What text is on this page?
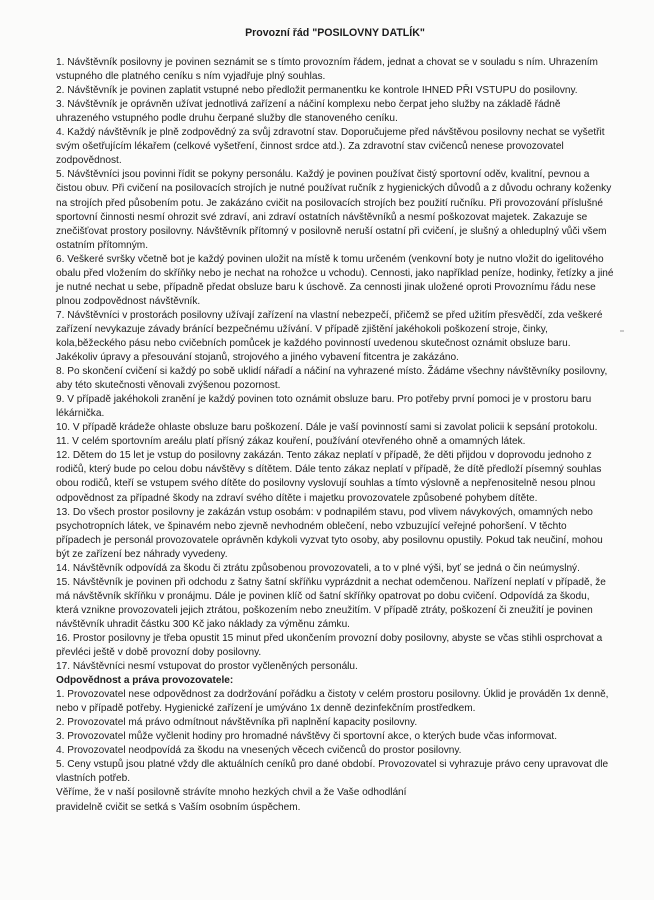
Provozní řád "POSILOVNY DATLÍK"

1. Návštěvník posilovny je povinen seznámit se s tímto provozním řádem, jednat a chovat se v souladu s ním. Uhrazením vstupného dle platného ceníku s ním vyjadřuje plný souhlas.

2. Návštěvník je povinen zaplatit vstupné nebo předložit permanentku ke kontrole IHNED PŘI VSTUPU do posilovny.

3. Návštěvník je oprávněn užívat jednotlivá zařízení a náčiní komplexu nebo čerpat jeho služby na základě řádně uhrazeného vstupného podle druhu čerpané služby dle stanoveného ceníku.

4. Každý návštěvník je plně zodpovědný za svůj zdravotní stav. Doporučujeme před návštěvou posilovny nechat se vyšetřit svým ošetřujícím lékařem (celkové vyšetření, činnost srdce atd.). Za zdravotní stav cvičenců nenese provozovatel zodpovědnost.

5. Návštěvníci jsou povinni řídit se pokyny personálu. Každý je povinen používat čistý sportovní oděv, kvalitní, pevnou a čistou obuv. Při cvičení na posilovacích strojích je nutné používat ručník z hygienických důvodů a z důvodu ochrany koženky na strojích před působením potu. Je zakázáno cvičit na posilovacích strojích bez použití ručníku. Při provozování příslušné sportovní činnosti nesmí ohrozit své zdraví, ani zdraví ostatních návštěvníků a nesmí poškozovat majetek. Zakazuje se znečišťovat prostory posilovny. Návštěvník přítomný v posilovně neruší ostatní při cvičení, je slušný a ohleduplný vůči všem ostatním přítomným.

6. Veškeré svršky včetně bot je každý povinen uložit na místě k tomu určeném (venkovní boty je nutno vložit do igelitového obalu před vložením do skříňky nebo je nechat na rohožce u vchodu). Cennosti, jako například peníze, hodinky, řetízky a jiné je nutné nechat u sebe, případně předat obsluze baru k úschově. Za cennosti jinak uložené oproti Provoznímu řádu nese plnou zodpovědnost návštěvník.

7. Návštěvníci v prostorách posilovny užívají zařízení na vlastní nebezpečí, přičemž se před užitím přesvědčí, zda veškeré zařízení nevykazuje závady bránící bezpečnému užívání. V případě zjištění jakéhokoli poškození stroje, činky, kola,běžeckého pásu nebo cvičebních pomůcek je každého povinností uvedenou skutečnost oznámit obsluze baru. Jakékoliv úpravy a přesouvání stojanů, strojového a jiného vybavení fitcentra je zakázáno.

8. Po skončení cvičení si každý po sobě uklidí nářadí a náčiní na vyhrazené místo. Žádáme všechny návštěvníky posilovny, aby této skutečnosti věnovali zvýšenou pozornost.

9. V případě jakéhokoli zranění je každý povinen toto oznámit obsluze baru. Pro potřeby první pomoci je v prostoru baru lékárnička.

10. V případě krádeže ohlaste obsluze baru poškození. Dále je vaší povinností sami si zavolat policii k sepsání protokolu.

11. V celém sportovním areálu platí přísný zákaz kouření, používání otevřeného ohně a omamných látek.

12. Dětem do 15 let je vstup do posilovny zakázán. Tento zákaz neplatí v případě, že děti přijdou v doprovodu jednoho z rodičů, který bude po celou dobu návštěvy s dítětem. Dále tento zákaz neplatí v případě, že dítě předloží písemný souhlas obou rodičů, kteří se vstupem svého dítěte do posilovny vyslovují souhlas a tímto výslovně a nepřenositelně nesou plnou odpovědnost za případné škody na zdraví svého dítěte i majetku provozovatele způsobené pohybem dítěte.

13. Do všech prostor posilovny je zakázán vstup osobám: v podnapilém stavu, pod vlivem návykových, omamných nebo psychotropních látek, ve špinavém nebo zjevně nevhodném oblečení, nebo vzbuzující veřejné pohoršení. V těchto případech je personál provozovatele oprávněn kdykoli vyzvat tyto osoby, aby posilovnu opustily. Pokud tak neučiní, mohou být ze zařízení bez náhrady vyvedeny.

14. Návštěvník odpovídá za škodu či ztrátu způsobenou provozovateli, a to v plné výši, byť se jedná o čin neúmyslný.

15. Návštěvník je povinen při odchodu z šatny šatní skříňku vyprázdnit a nechat odemčenou. Nařízení neplatí v případě, že má návštěvník skříňku v pronájmu. Dále je povinen klíč od šatní skříňky opatrovat po dobu cvičení. Odpovídá za škodu, která vznikne provozovateli jejich ztrátou, poškozením nebo zneužitím. V případě ztráty, poškození či zneužití je povinen návštěvník uhradit částku 300 Kč jako náklady za výměnu zámku.

16. Prostor posilovny je třeba opustit 15 minut před ukončením provozní doby posilovny, abyste se včas stihli osprchovat a převléci ještě v době provozní doby posilovny.

17. Návštěvníci nesmí vstupovat do prostor vyčleněných personálu.

Odpovědnost a práva provozovatele:

1. Provozovatel nese odpovědnost za dodržování pořádku a čistoty v celém prostoru posilovny. Úklid je prováděn 1x denně, nebo v případě potřeby. Hygienické zařízení je umýváno 1x denně dezinfekčním prostředkem.

2. Provozovatel má právo odmítnout návštěvníka při naplnění kapacity posilovny.

3. Provozovatel může vyčlenit hodiny pro hromadné návštěvy či sportovní akce, o kterých bude včas informovat.

4. Provozovatel neodpovídá za škodu na vnesených věcech cvičenců do prostor posilovny.

5. Ceny vstupů jsou platné vždy dle aktuálních ceníků pro dané období. Provozovatel si vyhrazuje právo ceny upravovat dle vlastních potřeb.

Věříme, že v naší posilovně strávíte mnoho hezkých chvil a že Vaše odhodlání

pravidelně cvičit se setká s Vaším osobním úspěchem.
